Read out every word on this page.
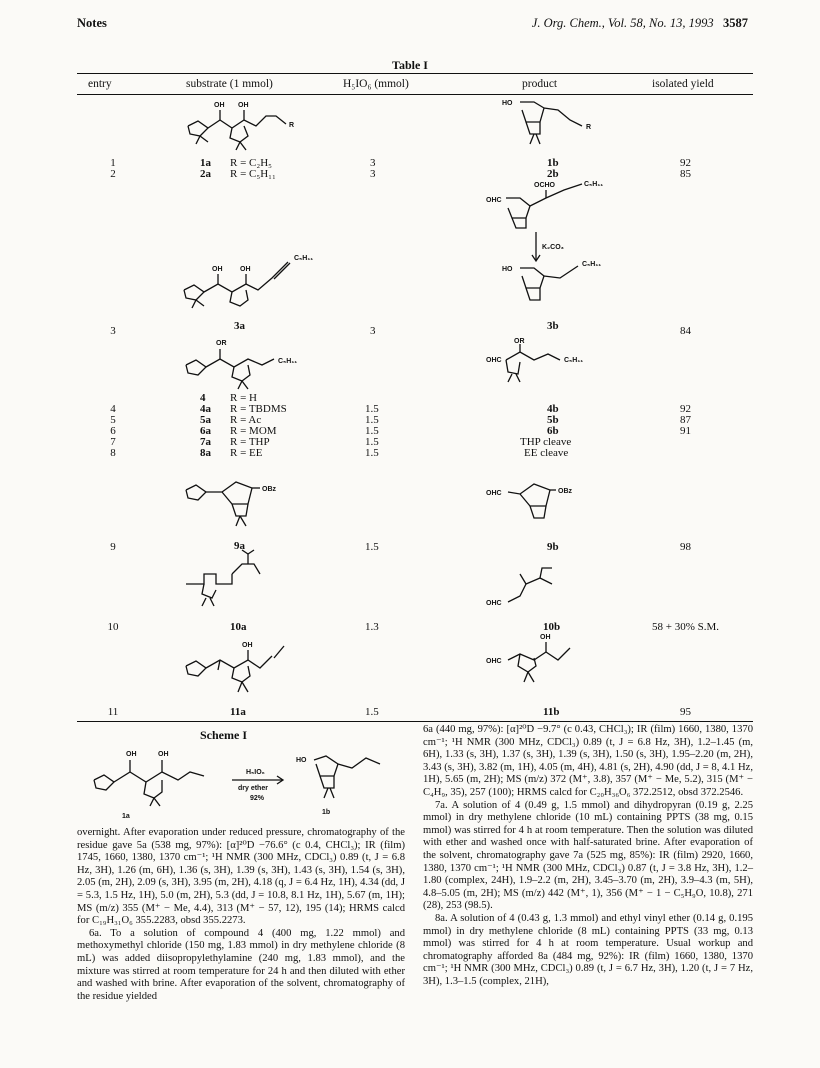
Notes	J. Org. Chem., Vol. 58, No. 13, 1993 3587
Table I
entry	substrate (1 mmol)	H₅IO₆ (mmol)	product	isolated yield
OH OH
R
OH	OH
C₅H₁₁
OR
C₅H₁₁
OBz
OH
HO
R
OHC
OCHO	C₅H₁₁
K₂CO₃
HO
C₅H₁₁
OHC
OR
C₅H₁₁
OHC	OBz
OHC
OHC
OH
1	1a R = C₂H₅	3	1b	92
2	2a R = C₅H₁₁	3	2b	85
3	3a	3	3b	84
4 R = H
4	4a R = TBDMS	1.5	4b	92
5	5a R = Ac	1.5	5b	87
6	6a R = MOM	1.5	6b	91
7	7a R = THP	1.5	THP cleave
8	8a R = EE	1.5	EE cleave
9	9a	1.5	9b	98
10	10a	1.3	10b	58 + 30% S.M.
11	11a	1.5	11b	95
Scheme I
OH	OH
HO
H₅IO₆
dry ether
92%
1a
1b

overnight. After evaporation under reduced pressure, chromatography of the residue gave 5a (538 mg, 97%): [α]²⁰D −76.6° (c 0.4, CHCl₃); IR (film) 1745, 1660, 1380, 1370 cm⁻¹; ¹H NMR (300 MHz, CDCl₃) 0.89 (t, J = 6.8 Hz, 3H), 1.26 (m, 6H), 1.36 (s, 3H), 1.39 (s, 3H), 1.43 (s, 3H), 1.54 (s, 3H), 2.05 (m, 2H), 2.09 (s, 3H), 3.95 (m, 2H), 4.18 (q, J = 6.4 Hz, 1H), 4.34 (dd, J = 5.3, 1.5 Hz, 1H), 5.0 (m, 2H), 5.3 (dd, J = 10.8, 8.1 Hz, 1H), 5.67 (m, 1H); MS (m/z) 355 (M⁺ − Me, 4.4), 313 (M⁺ − 57, 12), 195 (14); HRMS calcd for C₁₉H₃₁O₆ 355.2283, obsd 355.2273.

6a. To a solution of compound 4 (400 mg, 1.22 mmol) and methoxymethyl chloride (150 mg, 1.83 mmol) in dry methylene chloride (8 mL) was added diisopropylethylamine (240 mg, 1.83 mmol), and the mixture was stirred at room temperature for 24 h and then diluted with ether and washed with brine. After evaporation of the solvent, chromatography of the residue yielded

6a (440 mg, 97%): [α]²⁰D −9.7° (c 0.43, CHCl₃); IR (film) 1660, 1380, 1370 cm⁻¹; ¹H NMR (300 MHz, CDCl₃) 0.89 (t, J = 6.8 Hz, 3H), 1.2–1.45 (m, 6H), 1.33 (s, 3H), 1.37 (s, 3H), 1.39 (s, 3H), 1.50 (s, 3H), 1.95–2.20 (m, 2H), 3.43 (s, 3H), 3.82 (m, 1H), 4.05 (m, 4H), 4.81 (s, 2H), 4.90 (dd, J = 8, 4.1 Hz, 1H), 5.65 (m, 2H); MS (m/z) 372 (M⁺, 3.8), 357 (M⁺ − Me, 5.2), 315 (M⁺ − C₄H₉, 35), 257 (100); HRMS calcd for C₂₀H₃₆O₆ 372.2512, obsd 372.2546.

7a. A solution of 4 (0.49 g, 1.5 mmol) and dihydropyran (0.19 g, 2.25 mmol) in dry methylene chloride (10 mL) containing PPTS (38 mg, 0.15 mmol) was stirred for 4 h at room temperature. Then the solution was diluted with ether and washed once with half-saturated brine. After evaporation of the solvent, chromatography gave 7a (525 mg, 85%): IR (film) 2920, 1660, 1380, 1370 cm⁻¹; ¹H NMR (300 MHz, CDCl₃) 0.87 (t, J = 3.8 Hz, 3H), 1.2–1.80 (complex, 24H), 1.9–2.2 (m, 2H), 3.45–3.70 (m, 2H), 3.9–4.3 (m, 5H), 4.8–5.05 (m, 2H); MS (m/z) 442 (M⁺, 1), 356 (M⁺ − 1 − C₅H₉O, 10.8), 271 (28), 253 (98.5).

8a. A solution of 4 (0.43 g, 1.3 mmol) and ethyl vinyl ether (0.14 g, 0.195 mmol) in dry methylene chloride (8 mL) containing PPTS (33 mg, 0.13 mmol) was stirred for 4 h at room temperature. Usual workup and chromatography afforded 8a (484 mg, 92%): IR (film) 1660, 1380, 1370 cm⁻¹; ¹H NMR (300 MHz, CDCl₃) 0.89 (t, J = 6.7 Hz, 3H), 1.20 (t, J = 7 Hz, 3H), 1.3–1.5 (complex, 21H),
